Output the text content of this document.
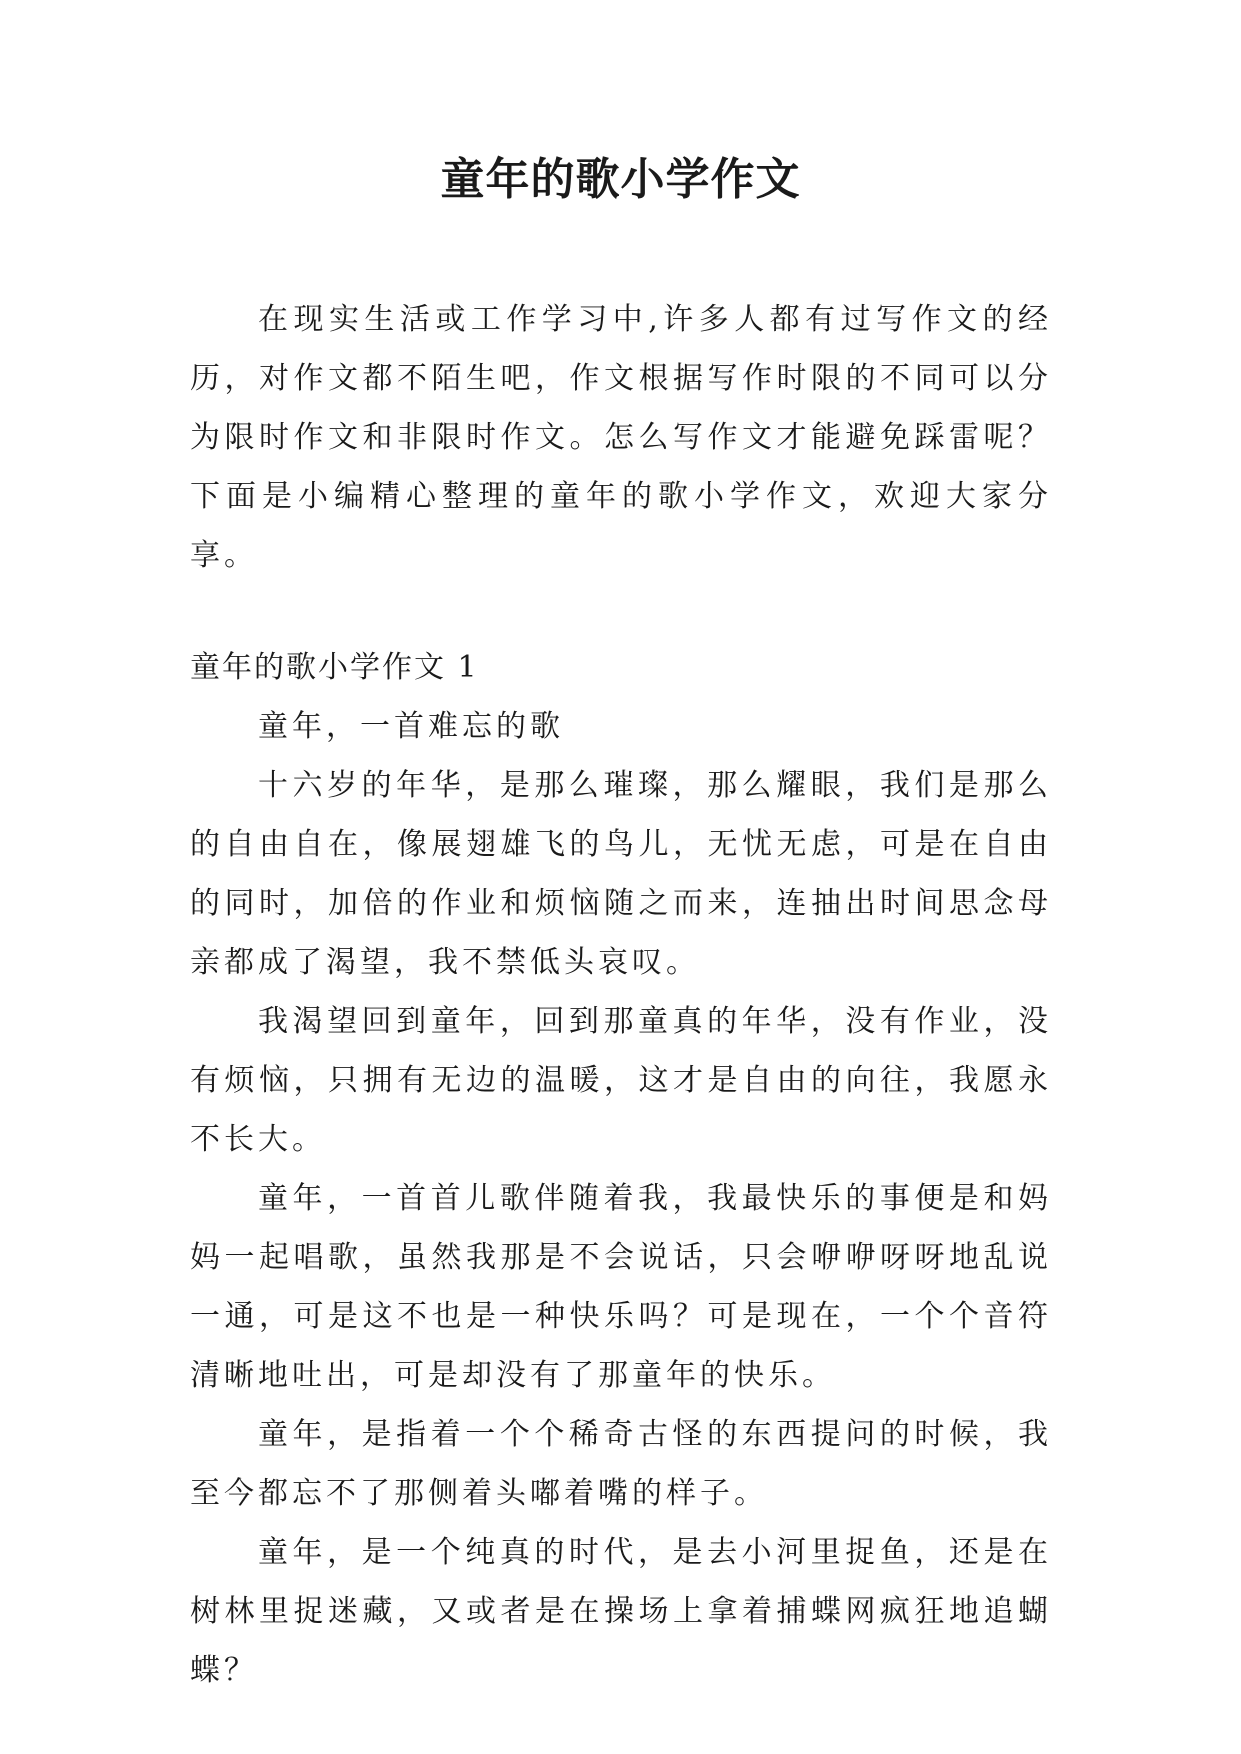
童年的歌小学作文

在现实生活或工作学习中,许多人都有过写作文的经历，对作文都不陌生吧，作文根据写作时限的不同可以分为限时作文和非限时作文。怎么写作文才能避免踩雷呢？下面是小编精心整理的童年的歌小学作文，欢迎大家分享。

童年的歌小学作文 1

童年，一首难忘的歌

十六岁的年华，是那么璀璨，那么耀眼，我们是那么的自由自在，像展翅雄飞的鸟儿，无忧无虑，可是在自由的同时，加倍的作业和烦恼随之而来，连抽出时间思念母亲都成了渴望，我不禁低头哀叹。

我渴望回到童年，回到那童真的年华，没有作业，没有烦恼，只拥有无边的温暖，这才是自由的向往，我愿永不长大。

童年，一首首儿歌伴随着我，我最快乐的事便是和妈妈一起唱歌，虽然我那是不会说话，只会咿咿呀呀地乱说一通，可是这不也是一种快乐吗？可是现在，一个个音符清晰地吐出，可是却没有了那童年的快乐。

童年，是指着一个个稀奇古怪的东西提问的时候，我至今都忘不了那侧着头嘟着嘴的样子。

童年，是一个纯真的时代，是去小河里捉鱼，还是在树林里捉迷藏，又或者是在操场上拿着捕蝶网疯狂地追蝴蝶？
